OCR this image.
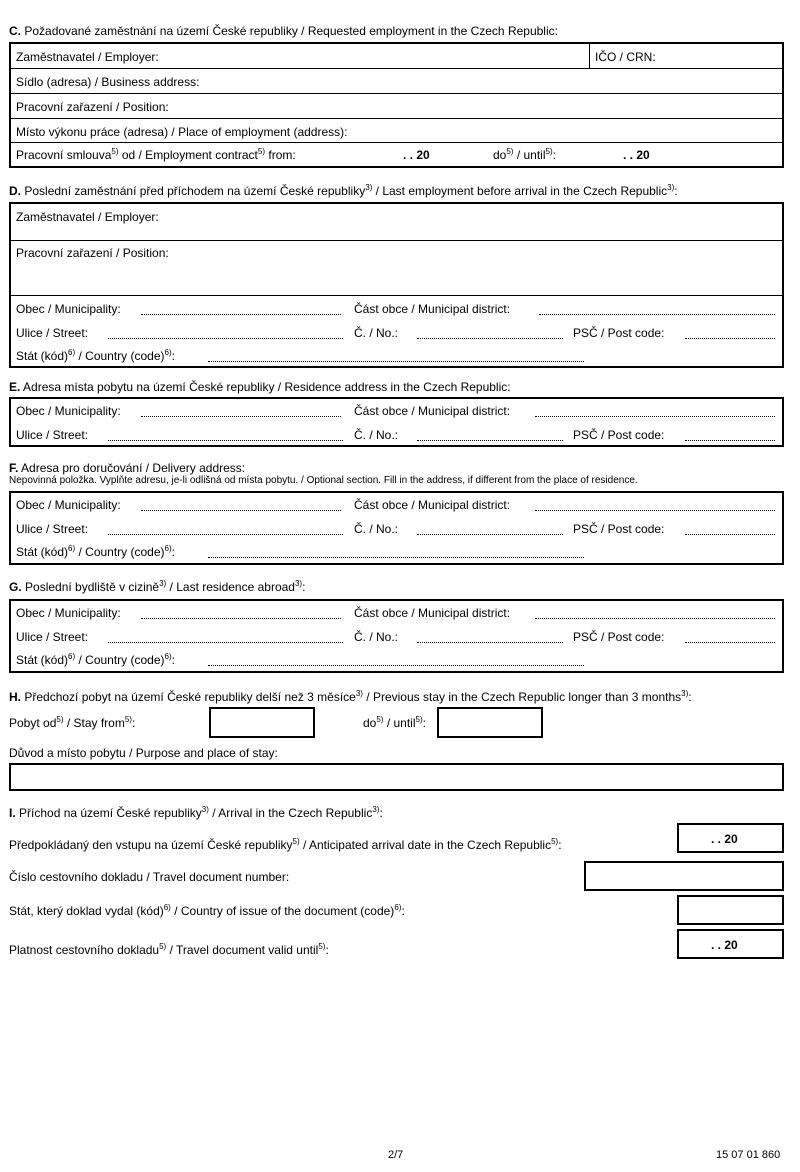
C. Požadované zaměstnání na území České republiky / Requested employment in the Czech Republic:
Zaměstnavatel / Employer:	IČO / CRN:
Sídlo (adresa) / Business address:
Pracovní zařazení / Position:
Místo výkonu práce (adresa) / Place of employment (address):
Pracovní smlouva$^{5)}$ od / Employment contract$^{5)}$ from:	. . 20	$do^{5)}$ / until$^{5)}$:	. . 20
D. Poslední zaměstnání před příchodem na území České republiky$^{3)}$ / Last employment before arrival in the Czech Republic$^{3)}$:
Zaměstnavatel / Employer:
Pracovní zařazení / Position:
Obec / Municipality:	Část obce / Municipal district:
Ulice / Street:	Č. / No.:	PSČ / Post code:
Stát (kód)$^{6)}$ / Country (code)$^{6)}$:
E. Adresa místa pobytu na území České republiky / Residence address in the Czech Republic:
Obec / Municipality:	Část obce / Municipal district:
Ulice / Street:	Č. / No.:	PSČ / Post code:
F. Adresa pro doručování / Delivery address:
Nepovinná položka. Vyplňte adresu, je-li odlišná od místa pobytu. / Optional section. Fill in the address, if different from the place of residence.
Obec / Municipality:	Část obce / Municipal district:
Ulice / Street:	Č. / No.:	PSČ / Post code:
Stát (kód)$^{6)}$ / Country (code)$^{6)}$:
G. Poslední bydliště v cizině$^{3)}$ / Last residence abroad$^{3)}$:
Obec / Municipality:	Část obce / Municipal district:
Ulice / Street:	Č. / No.:	PSČ / Post code:
Stát (kód)$^{6)}$ / Country (code)$^{6)}$:
H. Předchozí pobyt na území České republiky delší než 3 měsíce$^{3)}$ / Previous stay in the Czech Republic longer than 3 months$^{3)}$:
Pobyt $od^{5)}$ / Stay from$^{5)}$:	$do^{5)}$ / until$^{5)}$:
Důvod a místo pobytu / Purpose and place of stay:
I. Příchod na území České republiky$^{3)}$ / Arrival in the Czech Republic$^{3)}$:
Předpokládaný den vstupu na území České republiky$^{5)}$ / Anticipated arrival date in the Czech Republic$^{5)}$:	. . 20
Číslo cestovního dokladu / Travel document number:
Stát, který doklad vydal (kód)$^{6)}$ / Country of issue of the document (code)$^{6)}$:
Platnost cestovního dokladu$^{5)}$ / Travel document valid until$^{5)}$:	. . 20
2/7	15 07 01 860
